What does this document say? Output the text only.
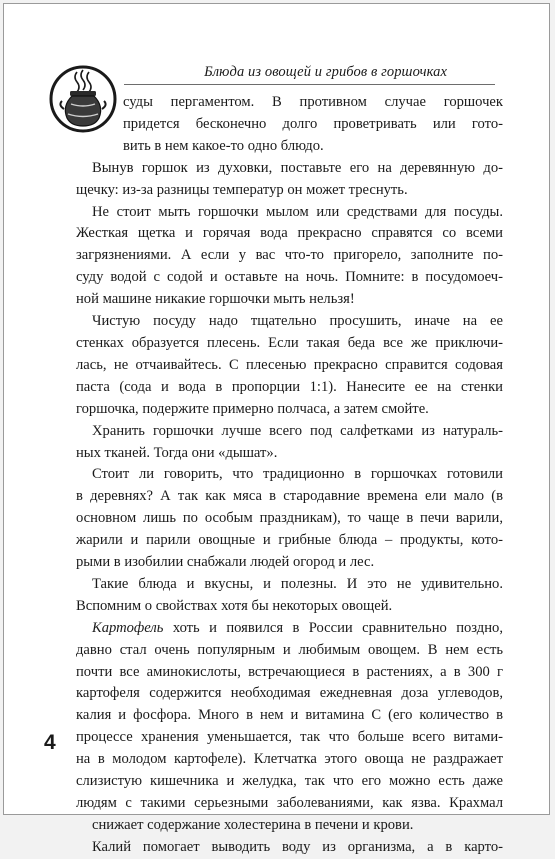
Блюда из овощей и грибов в горшочках

суды пергаментом. В противном случае горшочек

придется бесконечно долго проветривать или гото-

вить в нем какое-то одно блюдо.

Вынув горшок из духовки, поставьте его на деревянную до-

щечку: из-за разницы температур он может треснуть.

Не стоит мыть горшочки мылом или средствами для посуды.

Жесткая щетка и горячая вода прекрасно справятся со всеми

загрязнениями. А если у вас что-то пригорело, заполните по-

суду водой с содой и оставьте на ночь. Помните: в посудомоеч-

ной машине никакие горшочки мыть нельзя!

Чистую посуду надо тщательно просушить, иначе на ее

стенках образуется плесень. Если такая беда все же приключи-

лась, не отчаивайтесь. С плесенью прекрасно справится содовая

паста (сода и вода в пропорции 1:1). Нанесите ее на стенки

горшочка, подержите примерно полчаса, а затем смойте.

Хранить горшочки лучше всего под салфетками из натураль-

ных тканей. Тогда они «дышат».

Стоит ли говорить, что традиционно в горшочках готовили

в деревнях? А так как мяса в стародавние времена ели мало (в

основном лишь по особым праздникам), то чаще в печи варили,

жарили и парили овощные и грибные блюда – продукты, кото-

рыми в изобилии снабжали людей огород и лес.

Такие блюда и вкусны, и полезны. И это не удивительно.

Вспомним о свойствах хотя бы некоторых овощей.

Картофель хоть и появился в России сравнительно поздно,

давно стал очень популярным и любимым овощем. В нем есть

почти все аминокислоты, встречающиеся в растениях, а в 300 г

картофеля содержится необходимая ежедневная доза углеводов,

калия и фосфора. Много в нем и витамина С (его количество в

процессе хранения уменьшается, так что больше всего витами-

на в молодом картофеле). Клетчатка этого овоща не раздражает

слизистую кишечника и желудка, так что его можно есть даже

людям с такими серьезными заболеваниями, как язва. Крахмал

снижает содержание холестерина в печени и крови.

Калий помогает выводить воду из организма, а в карто-

4
